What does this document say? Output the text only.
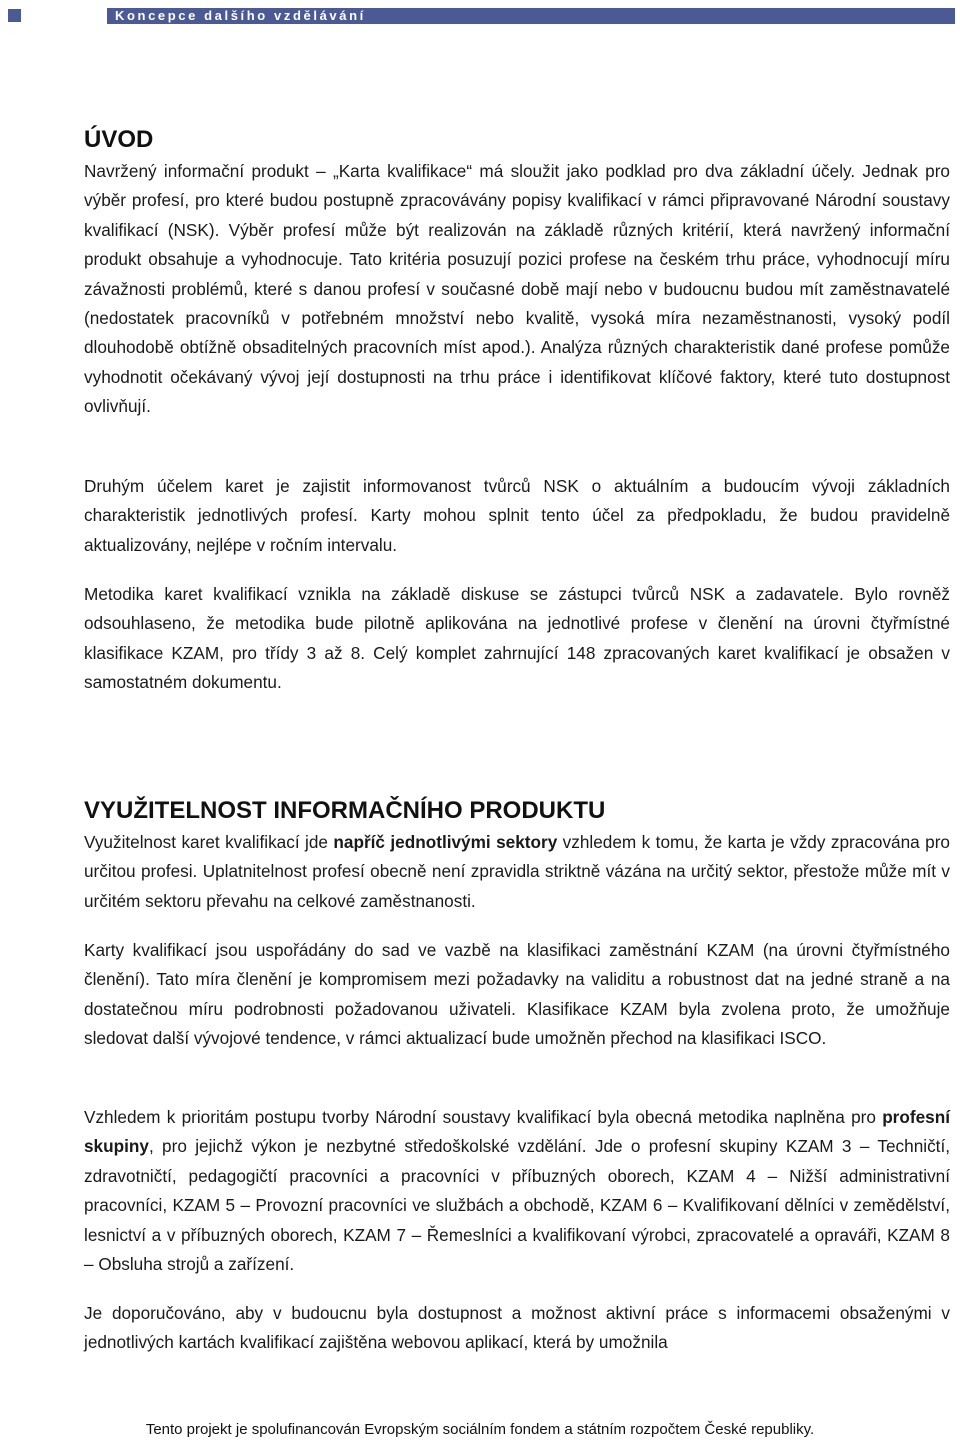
Koncepce dalšího vzdělávání
ÚVOD

Navržený informační produkt – „Karta kvalifikace“ má sloužit jako podklad pro dva základní účely. Jednak pro výběr profesí, pro které budou postupně zpracovávány popisy kvalifikací v rámci připravované Národní soustavy kvalifikací (NSK). Výběr profesí může být realizován na základě různých kritérií, která navržený informační produkt obsahuje a vyhodnocuje. Tato kritéria posuzují pozici profese na českém trhu práce, vyhodnocují míru závažnosti problémů, které s danou profesí v současné době mají nebo v budoucnu budou mít zaměstnavatelé (nedostatek pracovníků v potřebném množství nebo kvalitě, vysoká míra nezaměstnanosti, vysoký podíl dlouhodobě obtížně obsaditelných pracovních míst apod.). Analýza různých charakteristik dané profese pomůže vyhodnotit očekávaný vývoj její dostupnosti na trhu práce i identifikovat klíčové faktory, které tuto dostupnost ovlivňují.

Druhým účelem karet je zajistit informovanost tvůrců NSK o aktuálním a budoucím vývoji základních charakteristik jednotlivých profesí. Karty mohou splnit tento účel za předpokladu, že budou pravidelně aktualizovány, nejlépe v ročním intervalu.

Metodika karet kvalifikací vznikla na základě diskuse se zástupci tvůrců NSK a zadavatele. Bylo rovněž odsouhlaseno, že metodika bude pilotně aplikována na jednotlivé profese v členění na úrovni čtyřmístné klasifikace KZAM, pro třídy 3 až 8. Celý komplet zahrnující 148 zpracovaných karet kvalifikací je obsažen v samostatném dokumentu.

VYUŽITELNOST INFORMAČNÍHO PRODUKTU

Využitelnost karet kvalifikací jde napříč jednotlivými sektory vzhledem k tomu, že karta je vždy zpracována pro určitou profesi. Uplatnitelnost profesí obecně není zpravidla striktně vázána na určitý sektor, přestože může mít v určitém sektoru převahu na celkové zaměstnanosti.

Karty kvalifikací jsou uspořádány do sad ve vazbě na klasifikaci zaměstnání KZAM (na úrovni čtyřmístného členění). Tato míra členění je kompromisem mezi požadavky na validitu a robustnost dat na jedné straně a na dostatečnou míru podrobnosti požadovanou uživateli. Klasifikace KZAM byla zvolena proto, že umožňuje sledovat další vývojové tendence, v rámci aktualizací bude umožněn přechod na klasifikaci ISCO.

Vzhledem k prioritám postupu tvorby Národní soustavy kvalifikací byla obecná metodika naplněna pro profesní skupiny, pro jejichž výkon je nezbytné středoškolské vzdělání. Jde o profesní skupiny KZAM 3 – Techničtí, zdravotničtí, pedagogičtí pracovníci a pracovníci v příbuzných oborech, KZAM 4 – Nižší administrativní pracovníci, KZAM 5 – Provozní pracovníci ve službách a obchodě, KZAM 6 – Kvalifikovaní dělníci v zemědělství, lesnictví a v příbuzných oborech, KZAM 7 – Řemeslníci a kvalifikovaní výrobci, zpracovatelé a opraváři, KZAM 8 – Obsluha strojů a zařízení.

Je doporučováno, aby v budoucnu byla dostupnost a možnost aktivní práce s informacemi obsaženými v jednotlivých kartách kvalifikací zajištěna webovou aplikací, která by umožnila

Tento projekt je spolufinancován Evropským sociálním fondem a státním rozpočtem České republiky.
